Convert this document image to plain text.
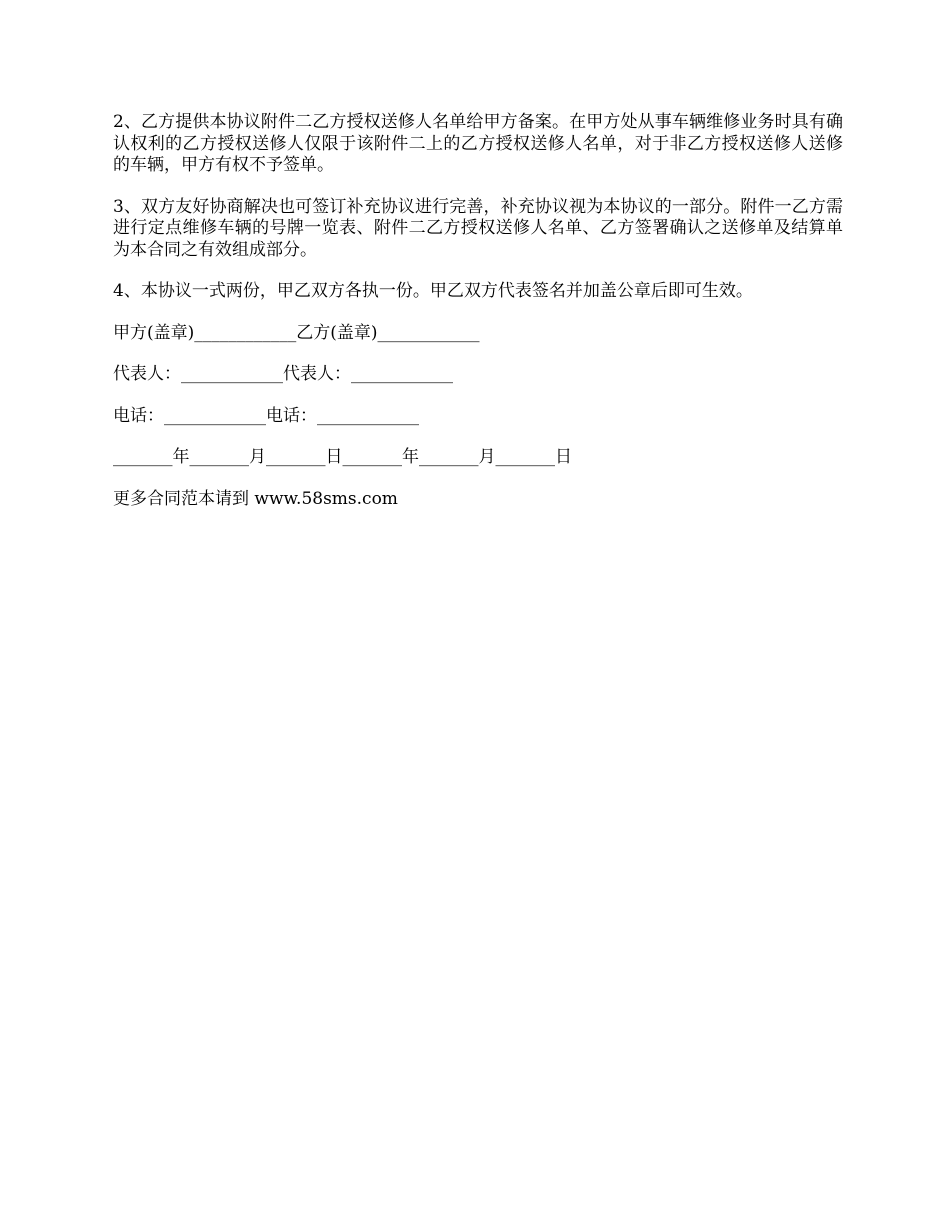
2、乙方提供本协议附件二乙方授权送修人名单给甲方备案。在甲方处从事车辆维修业务时具有确认权利的乙方授权送修人仅限于该附件二上的乙方授权送修人名单，对于非乙方授权送修人送修的车辆，甲方有权不予签单。

3、双方友好协商解决也可签订补充协议进行完善，补充协议视为本协议的一部分。附件一乙方需进行定点维修车辆的号牌一览表、附件二乙方授权送修人名单、乙方签署确认之送修单及结算单为本合同之有效组成部分。

4、本协议一式两份，甲乙双方各执一份。甲乙双方代表签名并加盖公章后即可生效。

甲方(盖章)____________乙方(盖章)____________

代表人：____________代表人：____________

电话：____________电话：____________

_______年_______月_______日_______年_______月_______日

更多合同范本请到 www.58sms.com
